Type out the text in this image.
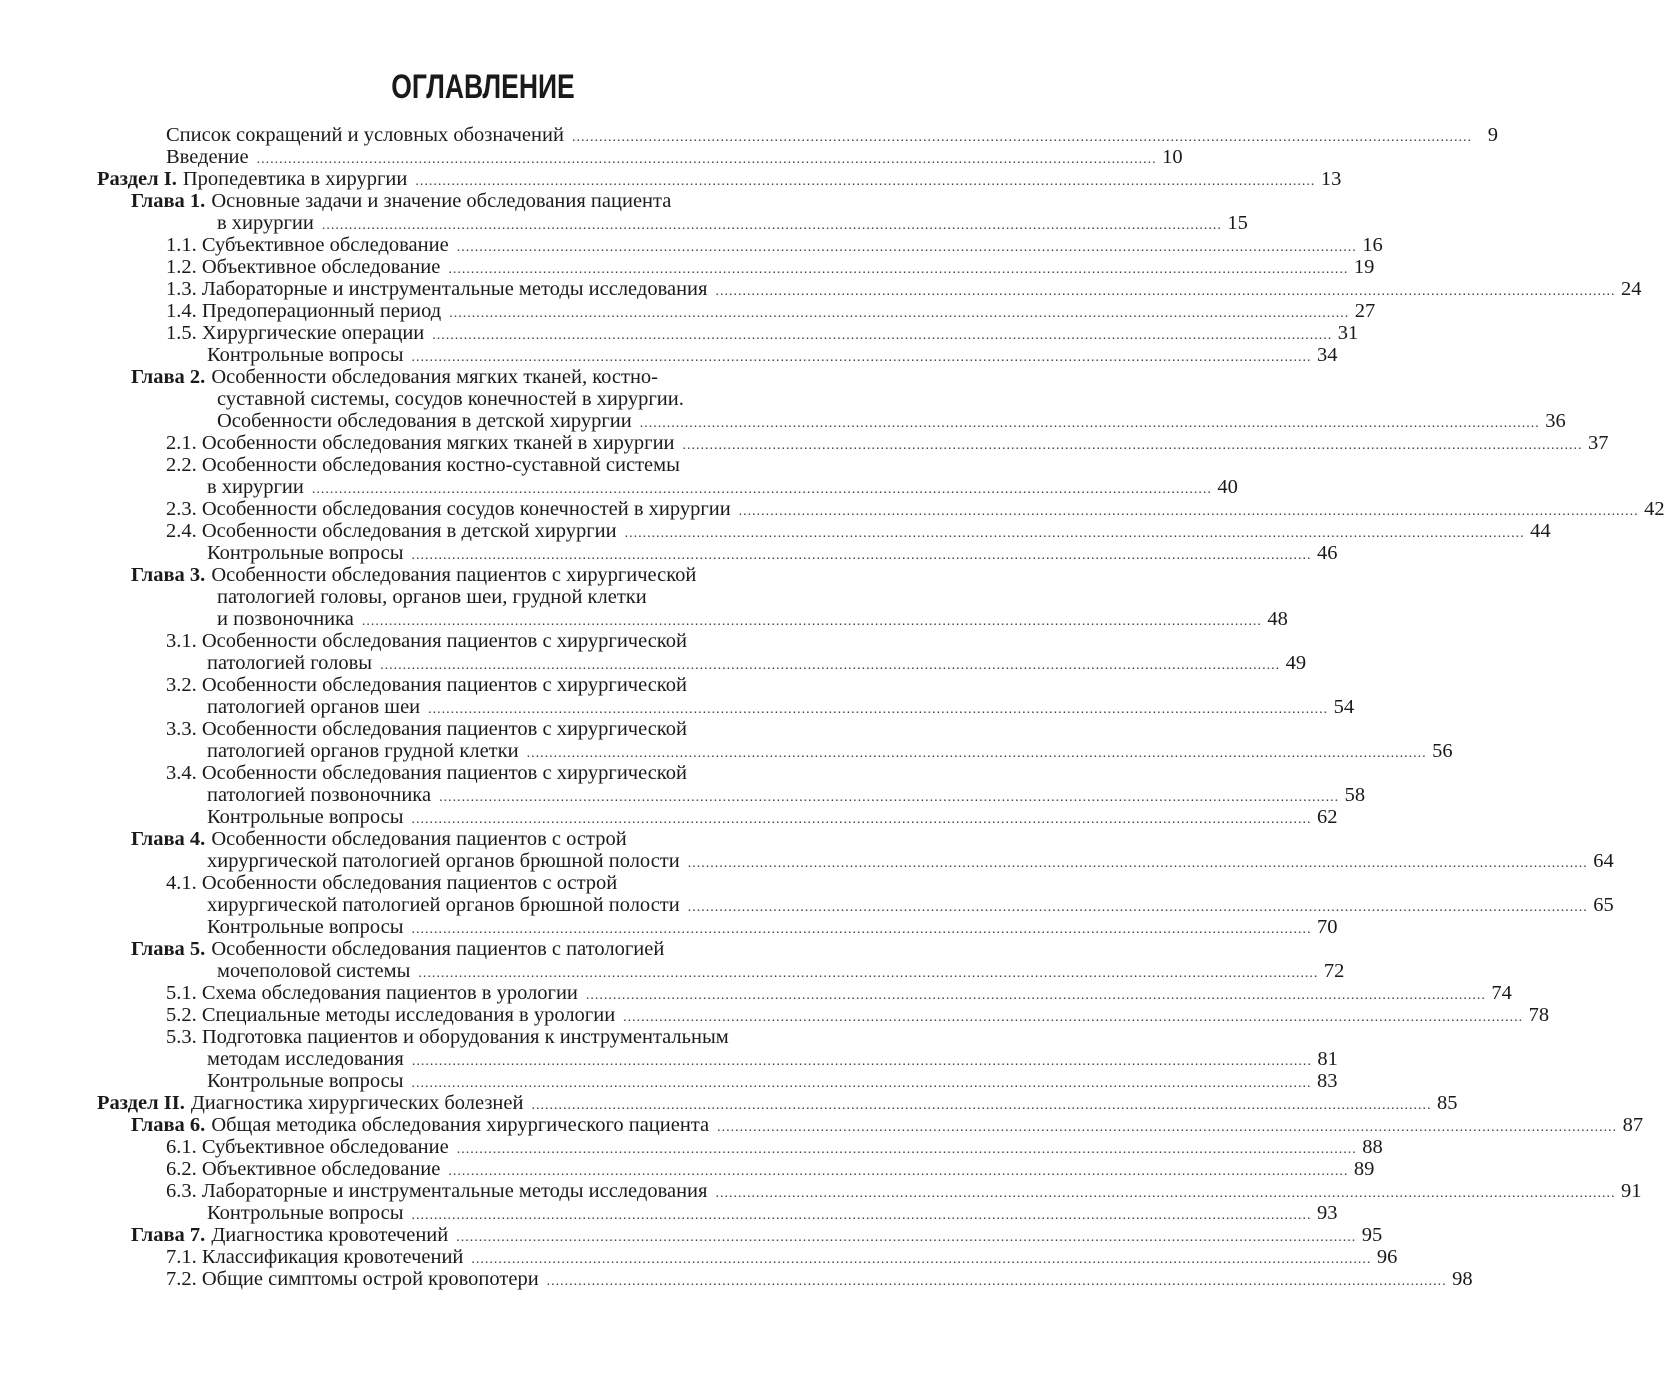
ОГЛАВЛЕНИЕ
Список сокращений и условных обозначений ........................................................................................................................................................................................................ 9
Введение ........................................................................................................................................................................................................ 10
Раздел I. Пропедевтика в хирургии ........................................................................................................................................................................................................ 13
Глава 1. Основные задачи и значение обследования пациента
в хирургии ........................................................................................................................................................................................................ 15
1.1. Субъективное обследование ........................................................................................................................................................................................................ 16
1.2. Объективное обследование ........................................................................................................................................................................................................ 19
1.3. Лабораторные и инструментальные методы исследования ........................................................................................................................................................................................................ 24
1.4. Предоперационный период ........................................................................................................................................................................................................ 27
1.5. Хирургические операции ........................................................................................................................................................................................................ 31
Контрольные вопросы ........................................................................................................................................................................................................ 34
Глава 2. Особенности обследования мягких тканей, костно-
суставной системы, сосудов конечностей в хирургии.
Особенности обследования в детской хирургии ........................................................................................................................................................................................................ 36
2.1. Особенности обследования мягких тканей в хирургии ........................................................................................................................................................................................................ 37
2.2. Особенности обследования костно-суставной системы
в хирургии ........................................................................................................................................................................................................ 40
2.3. Особенности обследования сосудов конечностей в хирургии ........................................................................................................................................................................................................ 42
2.4. Особенности обследования в детской хирургии ........................................................................................................................................................................................................ 44
Контрольные вопросы ........................................................................................................................................................................................................ 46
Глава 3. Особенности обследования пациентов с хирургической
патологией головы, органов шеи, грудной клетки
и позвоночника ........................................................................................................................................................................................................ 48
3.1. Особенности обследования пациентов с хирургической
патологией головы ........................................................................................................................................................................................................ 49
3.2. Особенности обследования пациентов с хирургической
патологией органов шеи ........................................................................................................................................................................................................ 54
3.3. Особенности обследования пациентов с хирургической
патологией органов грудной клетки ........................................................................................................................................................................................................ 56
3.4. Особенности обследования пациентов с хирургической
патологией позвоночника ........................................................................................................................................................................................................ 58
Контрольные вопросы ........................................................................................................................................................................................................ 62
Глава 4. Особенности обследования пациентов с острой
хирургической патологией органов брюшной полости ........................................................................................................................................................................................................ 64
4.1. Особенности обследования пациентов с острой
хирургической патологией органов брюшной полости ........................................................................................................................................................................................................ 65
Контрольные вопросы ........................................................................................................................................................................................................ 70
Глава 5. Особенности обследования пациентов с патологией
мочеполовой системы ........................................................................................................................................................................................................ 72
5.1. Схема обследования пациентов в урологии ........................................................................................................................................................................................................ 74
5.2. Специальные методы исследования в урологии ........................................................................................................................................................................................................ 78
5.3. Подготовка пациентов и оборудования к инструментальным
методам исследования ........................................................................................................................................................................................................ 81
Контрольные вопросы ........................................................................................................................................................................................................ 83
Раздел II. Диагностика хирургических болезней ........................................................................................................................................................................................................ 85
Глава 6. Общая методика обследования хирургического пациента ........................................................................................................................................................................................................ 87
6.1. Субъективное обследование ........................................................................................................................................................................................................ 88
6.2. Объективное обследование ........................................................................................................................................................................................................ 89
6.3. Лабораторные и инструментальные методы исследования ........................................................................................................................................................................................................ 91
Контрольные вопросы ........................................................................................................................................................................................................ 93
Глава 7. Диагностика кровотечений ........................................................................................................................................................................................................ 95
7.1. Классификация кровотечений ........................................................................................................................................................................................................ 96
7.2. Общие симптомы острой кровопотери ........................................................................................................................................................................................................ 98
